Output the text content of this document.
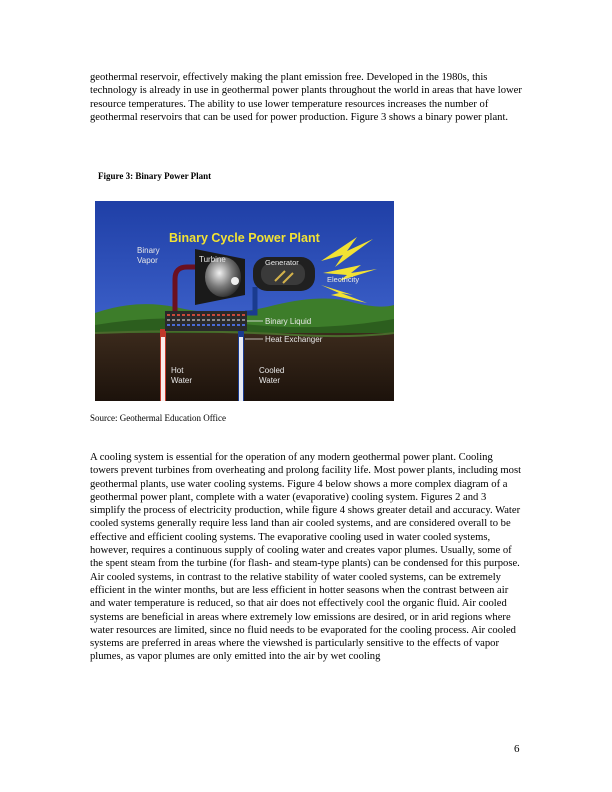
geothermal reservoir, effectively making the plant emission free. Developed in the 1980s, this technology is already in use in geothermal power plants throughout the world in areas that have lower resource temperatures. The ability to use lower temperature resources increases the number of geothermal reservoirs that can be used for power production. Figure 3 shows a binary power plant.

Figure 3: Binary Power Plant
Binary Cycle Power Plant
Binary
Vapor	Turbine	Generator
Electricity
Binary Liquid
Heat Exchanger
Hot
Water
Cooled
Water
Source: Geothermal Education Office

A cooling system is essential for the operation of any modern geothermal power plant. Cooling towers prevent turbines from overheating and prolong facility life. Most power plants, including most geothermal plants, use water cooling systems. Figure 4 below shows a more complex diagram of a geothermal power plant, complete with a water (evaporative) cooling system. Figures 2 and 3 simplify the process of electricity production, while figure 4 shows greater detail and accuracy. Water cooled systems generally require less land than air cooled systems, and are considered overall to be effective and efficient cooling systems. The evaporative cooling used in water cooled systems, however, requires a continuous supply of cooling water and creates vapor plumes. Usually, some of the spent steam from the turbine (for flash- and steam-type plants) can be condensed for this purpose. Air cooled systems, in contrast to the relative stability of water cooled systems, can be extremely efficient in the winter months, but are less efficient in hotter seasons when the contrast between air and water temperature is reduced, so that air does not effectively cool the organic fluid. Air cooled systems are beneficial in areas where extremely low emissions are desired, or in arid regions where water resources are limited, since no fluid needs to be evaporated for the cooling process. Air cooled systems are preferred in areas where the viewshed is particularly sensitive to the effects of vapor plumes, as vapor plumes are only emitted into the air by wet cooling

6
